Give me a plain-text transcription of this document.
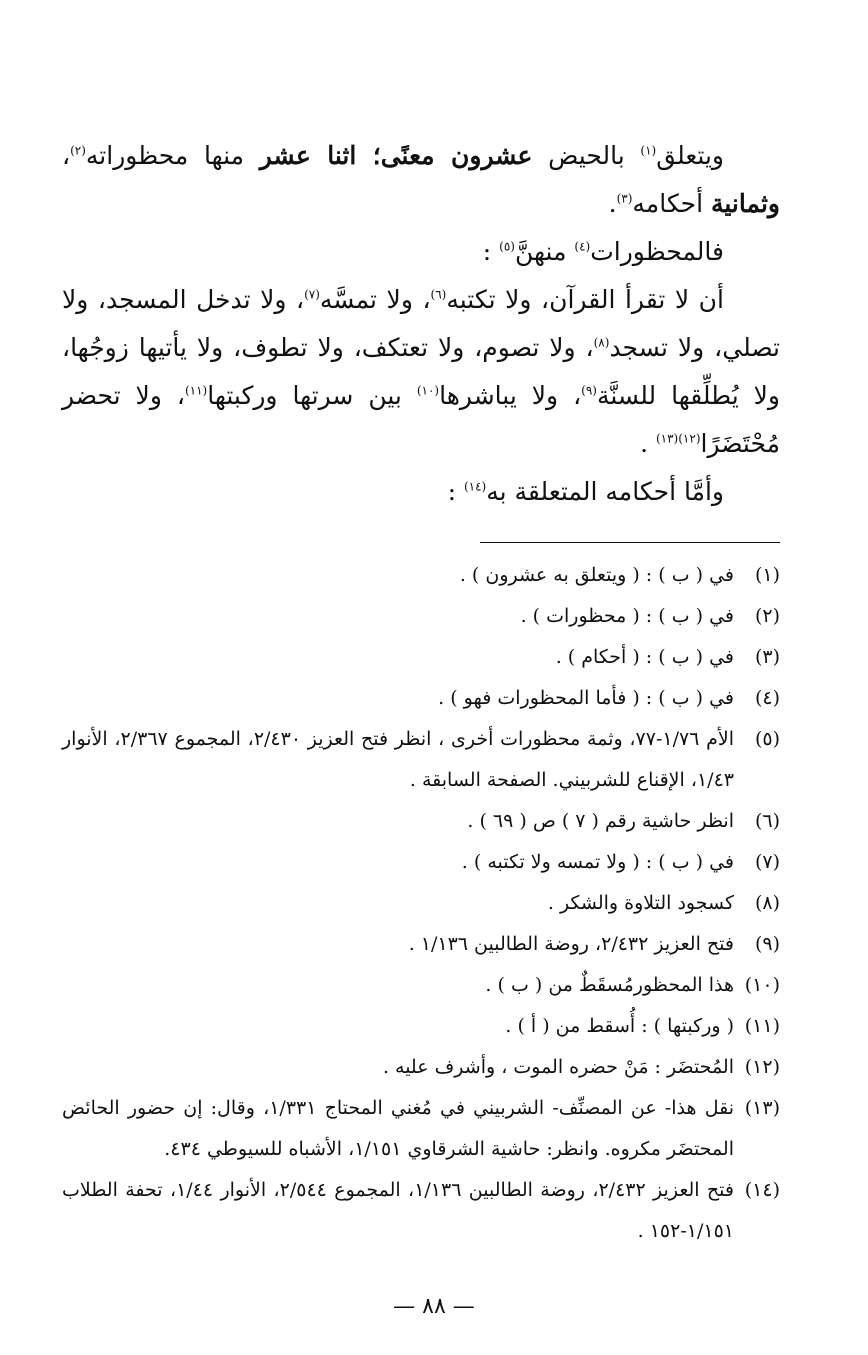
ويتعلق$^{(١)}$ بالحيض عشرون معنًى؛ اثنا عشر منها محظوراته$^{(٢)}$، وثمانية أحكامه$^{(٣)}$.

فالمحظورات$^{(٤)}$ منهنَّ$^{(٥)}$ :

أن لا تقرأ القرآن، ولا تكتبه$^{(٦)}$، ولا تمسَّه$^{(٧)}$، ولا تدخل المسجد، ولا تصلي، ولا تسجد$^{(٨)}$، ولا تصوم، ولا تعتكف، ولا تطوف، ولا يأتيها زوجُها، ولا يُطلِّقها للسنَّة$^{(٩)}$، ولا يباشرها$^{(١٠)}$ بين سرتها وركبتها$^{(١١)}$، ولا تحضر مُحْتَضَرًا$^{(١٢)(١٣)}$ .

وأمَّا أحكامه المتعلقة به$^{(١٤)}$ :

(١)
في ( ب ) : ( ويتعلق به عشرون ) .
(٢)
في ( ب ) : ( محظورات ) .
(٣)
في ( ب ) : ( أحكام ) .
(٤)
في ( ب ) : ( فأما المحظورات فهو ) .
(٥)
الأم ١/٧٦-٧٧، وثمة محظورات أخرى ، انظر فتح العزيز ٢/٤٣٠، المجموع ٢/٣٦٧، الأنوار ١/٤٣، الإقناع للشربيني. الصفحة السابقة .
(٦)
انظر حاشية رقم ( ٧ ) ص ( ٦٩ ) .
(٧)
في ( ب ) : ( ولا تمسه ولا تكتبه ) .
(٨)
كسجود التلاوة والشكر .
(٩)
فتح العزيز ٢/٤٣٢، روضة الطالبين ١/١٣٦ .
(١٠)
هذا المحظورمُسقَطٌ من ( ب ) .
(١١)
( وركبتها ) : أُسقط من ( أ ) .
(١٢)
المُحتضَر : مَنْ حضره الموت ، وأشرف عليه .
(١٣)
نقل هذا- عن المصنِّف- الشربيني في مُغني المحتاج ١/٣٣١، وقال: إن حضور الحائض المحتضَر مكروه. وانظر: حاشية الشرقاوي ١/١٥١، الأشباه للسيوطي ٤٣٤.
(١٤)
فتح العزيز ٢/٤٣٢، روضة الطالبين ١/١٣٦، المجموع ٢/٥٤٤، الأنوار ١/٤٤، تحفة الطلاب ١/١٥١-١٥٢ .
— ٨٨ —
